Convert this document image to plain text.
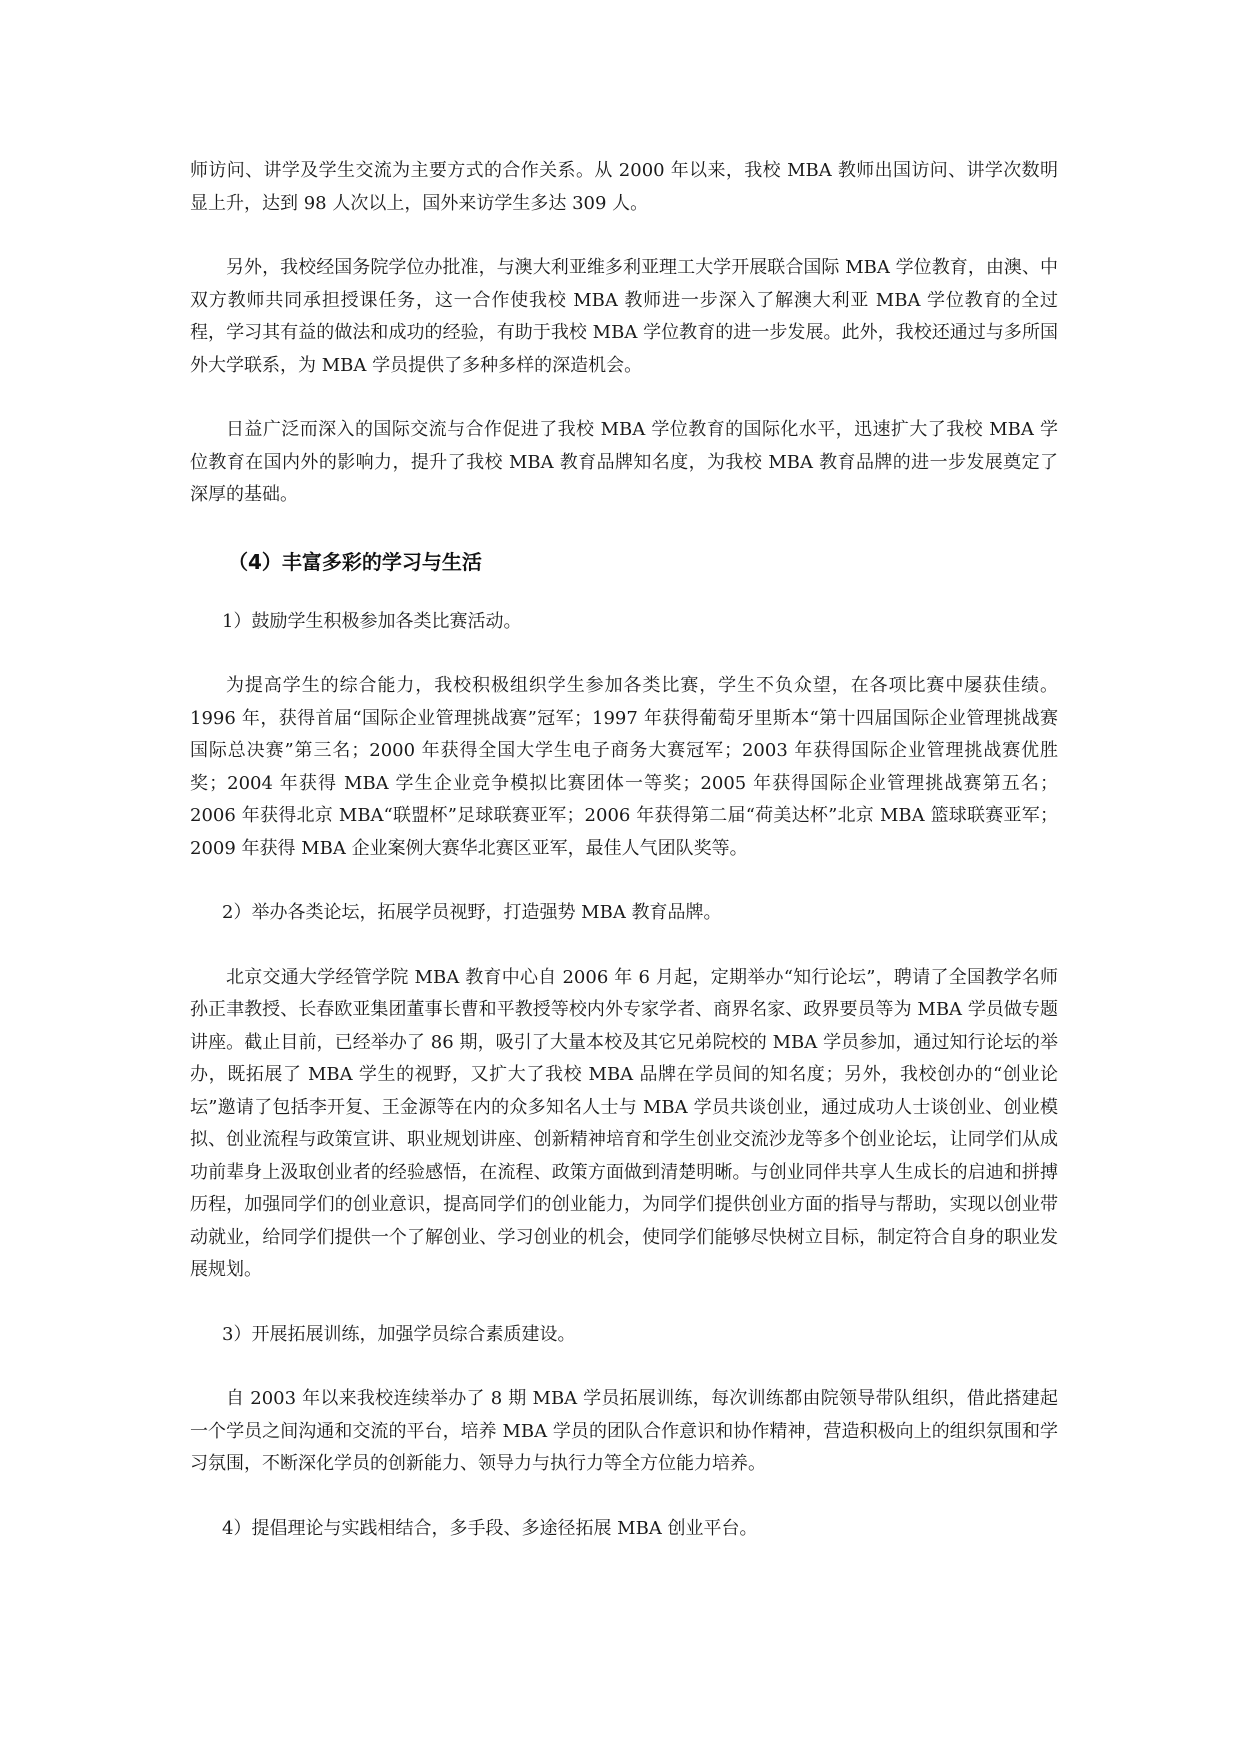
师访问、讲学及学生交流为主要方式的合作关系。从 2000 年以来，我校 MBA 教师出国访问、讲学次数明显上升，达到 98 人次以上，国外来访学生多达 309 人。

另外，我校经国务院学位办批准，与澳大利亚维多利亚理工大学开展联合国际 MBA 学位教育，由澳、中双方教师共同承担授课任务，这一合作使我校 MBA 教师进一步深入了解澳大利亚 MBA 学位教育的全过程，学习其有益的做法和成功的经验，有助于我校 MBA 学位教育的进一步发展。此外，我校还通过与多所国外大学联系，为 MBA 学员提供了多种多样的深造机会。

日益广泛而深入的国际交流与合作促进了我校 MBA 学位教育的国际化水平，迅速扩大了我校 MBA 学位教育在国内外的影响力，提升了我校 MBA 教育品牌知名度，为我校 MBA 教育品牌的进一步发展奠定了深厚的基础。

（4）丰富多彩的学习与生活

1）鼓励学生积极参加各类比赛活动。

为提高学生的综合能力，我校积极组织学生参加各类比赛，学生不负众望，在各项比赛中屡获佳绩。1996 年，获得首届“国际企业管理挑战赛”冠军；1997 年获得葡萄牙里斯本“第十四届国际企业管理挑战赛国际总决赛”第三名；2000 年获得全国大学生电子商务大赛冠军；2003 年获得国际企业管理挑战赛优胜奖；2004 年获得 MBA 学生企业竞争模拟比赛团体一等奖；2005 年获得国际企业管理挑战赛第五名；2006 年获得北京 MBA“联盟杯”足球联赛亚军；2006 年获得第二届“荷美达杯”北京 MBA 篮球联赛亚军；2009 年获得 MBA 企业案例大赛华北赛区亚军，最佳人气团队奖等。

2）举办各类论坛，拓展学员视野，打造强势 MBA 教育品牌。

北京交通大学经管学院 MBA 教育中心自 2006 年 6 月起，定期举办“知行论坛”，聘请了全国教学名师孙正聿教授、长春欧亚集团董事长曹和平教授等校内外专家学者、商界名家、政界要员等为 MBA 学员做专题讲座。截止目前，已经举办了 86 期，吸引了大量本校及其它兄弟院校的 MBA 学员参加，通过知行论坛的举办，既拓展了 MBA 学生的视野，又扩大了我校 MBA 品牌在学员间的知名度；另外，我校创办的“创业论坛”邀请了包括李开复、王金源等在内的众多知名人士与 MBA 学员共谈创业，通过成功人士谈创业、创业模拟、创业流程与政策宣讲、职业规划讲座、创新精神培育和学生创业交流沙龙等多个创业论坛，让同学们从成功前辈身上汲取创业者的经验感悟，在流程、政策方面做到清楚明晰。与创业同伴共享人生成长的启迪和拼搏历程，加强同学们的创业意识，提高同学们的创业能力，为同学们提供创业方面的指导与帮助，实现以创业带动就业，给同学们提供一个了解创业、学习创业的机会，使同学们能够尽快树立目标，制定符合自身的职业发展规划。

3）开展拓展训练，加强学员综合素质建设。

自 2003 年以来我校连续举办了 8 期 MBA 学员拓展训练，每次训练都由院领导带队组织，借此搭建起一个学员之间沟通和交流的平台，培养 MBA 学员的团队合作意识和协作精神，营造积极向上的组织氛围和学习氛围，不断深化学员的创新能力、领导力与执行力等全方位能力培养。

4）提倡理论与实践相结合，多手段、多途径拓展 MBA 创业平台。
